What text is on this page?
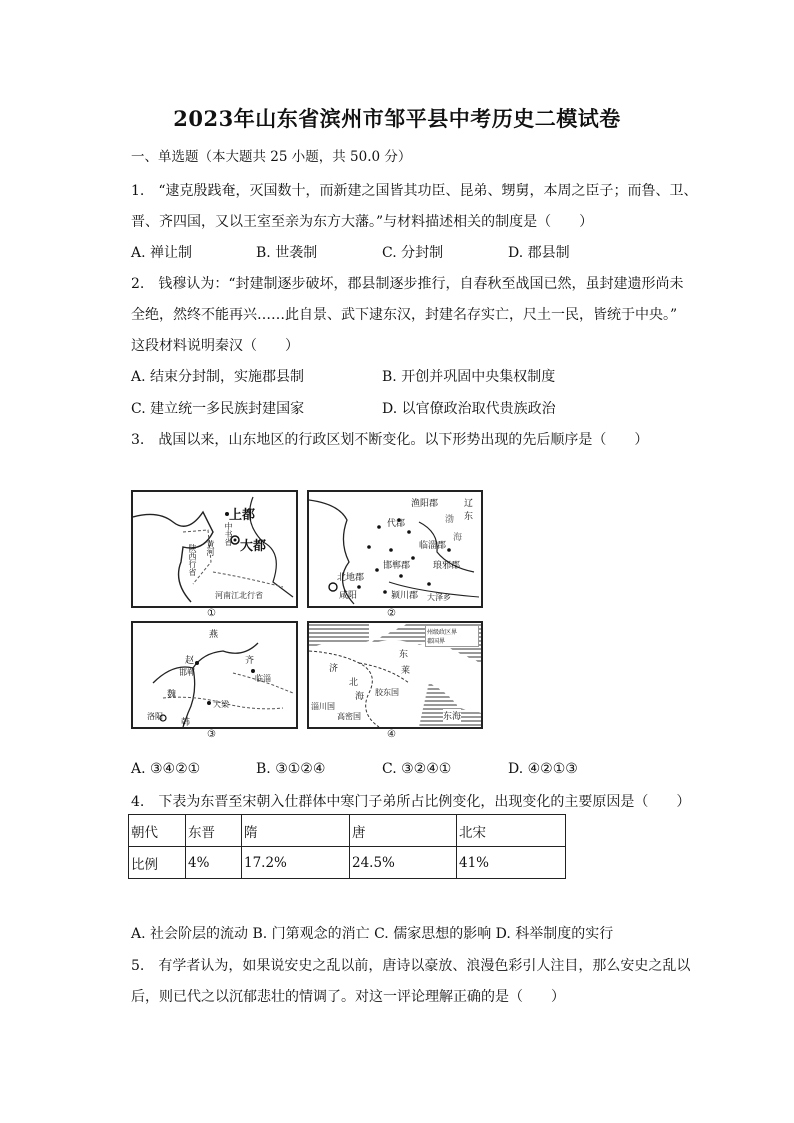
2023年山东省滨州市邹平县中考历史二模试卷
一、单选题（本大题共 25 小题，共 50.0 分）
1.　“逮克殷践奄，灭国数十，而新建之国皆其功臣、昆弟、甥舅，本周之臣子；而鲁、卫、
晋、齐四国，又以王室至亲为东方大藩。”与材料描述相关的制度是（　　）
A. 禅让制	B. 世袭制	C. 分封制	D. 郡县制
2.　钱穆认为：“封建制逐步破坏，郡县制逐步推行，自春秋至战国已然，虽封建遗形尚未
全绝，然终不能再兴……此自景、武下逮东汉，封建名存实亡，尺土一民，皆统于中央。”
这段材料说明秦汉（　　）
A. 结束分封制，实施郡县制	B. 开创并巩固中央集权制度
C. 建立统一多民族封建国家	D. 以官僚政治取代贵族政治
3.　战国以来，山东地区的行政区划不断变化。以下形势出现的先后顺序是（　　）
上都
大都
中书省
陕西行省 黄河
河南江北行省
①
渔阳郡	辽东
代郡
临淄郡
邯郸郡	琅邪郡
北地郡
咸阳	颍川郡 大泽乡
渤
海
②
燕
赵
邯郸
齐
临淄
魏
大梁
洛阳
韩
③
州级政区界
郡国界
东
莱
济
北
海 胶东国
高密国
淄川国
东海
④
A. ③④②①	B. ③①②④	C. ③②④①	D. ④②①③
4.　下表为东晋至宋朝入仕群体中寒门子弟所占比例变化，出现变化的主要原因是（　　）
朝代	东晋	隋	唐	北宋
比例	4%	17.2%	24.5%	41%
A. 社会阶层的流动 B. 门第观念的消亡 C. 儒家思想的影响 D. 科举制度的实行
5.　有学者认为，如果说安史之乱以前，唐诗以豪放、浪漫色彩引人注目，那么安史之乱以
后，则已代之以沉郁悲壮的情调了。对这一评论理解正确的是（　　）
